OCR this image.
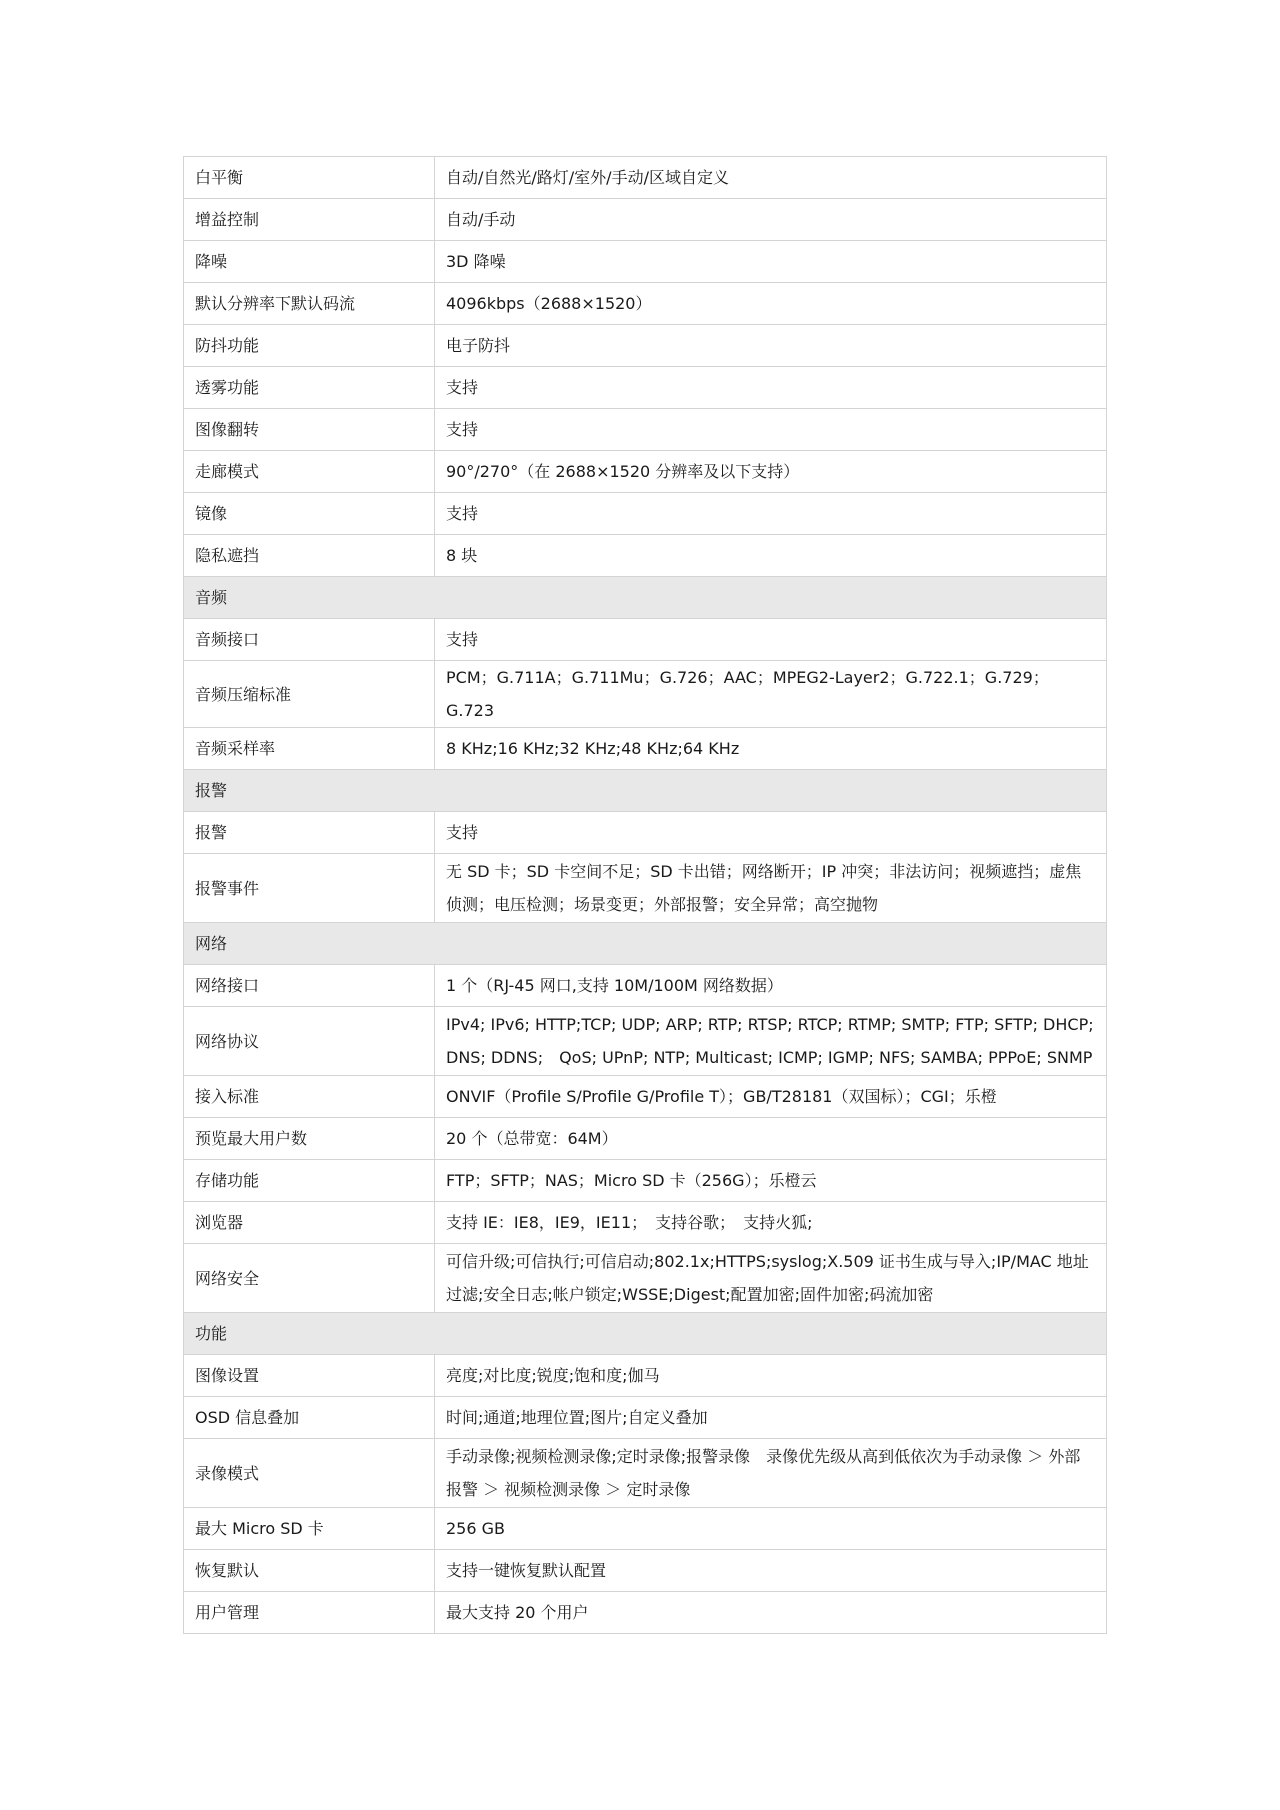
白平衡	自动/自然光/路灯/室外/手动/区域自定义
增益控制	自动/手动
降噪	3D 降噪
默认分辨率下默认码流	4096kbps（2688×1520）
防抖功能	电子防抖
透雾功能	支持
图像翻转	支持
走廊模式	90°/270°（在 2688×1520 分辨率及以下支持）
镜像	支持
隐私遮挡	8 块
音频	
音频接口	支持
音频压缩标准	PCM；G.711A；G.711Mu；G.726；AAC；MPEG2-Layer2；G.722.1；G.729；G.723
音频采样率	8 KHz;16 KHz;32 KHz;48 KHz;64 KHz
报警	
报警	支持
报警事件	无 SD 卡；SD 卡空间不足；SD 卡出错；网络断开；IP 冲突；非法访问；视频遮挡；虚焦侦测；电压检测；场景变更；外部报警；安全异常；高空抛物
网络	
网络接口	1 个（RJ-45 网口,支持 10M/100M 网络数据）
网络协议	IPv4; IPv6; HTTP;TCP; UDP; ARP; RTP; RTSP; RTCP; RTMP; SMTP; FTP; SFTP; DHCP; DNS; DDNS;　QoS; UPnP; NTP; Multicast; ICMP; IGMP; NFS; SAMBA; PPPoE; SNMP
接入标准	ONVIF（Profile S/Profile G/Profile T）；GB/T28181（双国标）；CGI；乐橙
预览最大用户数	20 个（总带宽：64M）
存储功能	FTP；SFTP；NAS；Micro SD 卡（256G）；乐橙云
浏览器	支持 IE：IE8，IE9，IE11；　支持谷歌；　支持火狐;
网络安全	可信升级;可信执行;可信启动;802.1x;HTTPS;syslog;X.509 证书生成与导入;IP/MAC 地址过滤;安全日志;帐户锁定;WSSE;Digest;配置加密;固件加密;码流加密
功能	
图像设置	亮度;对比度;锐度;饱和度;伽马
OSD 信息叠加	时间;通道;地理位置;图片;自定义叠加
录像模式	手动录像;视频检测录像;定时录像;报警录像　录像优先级从高到低依次为手动录像 ＞ 外部报警 ＞ 视频检测录像 ＞ 定时录像
最大 Micro SD 卡	256 GB
恢复默认	支持一键恢复默认配置
用户管理	最大支持 20 个用户
